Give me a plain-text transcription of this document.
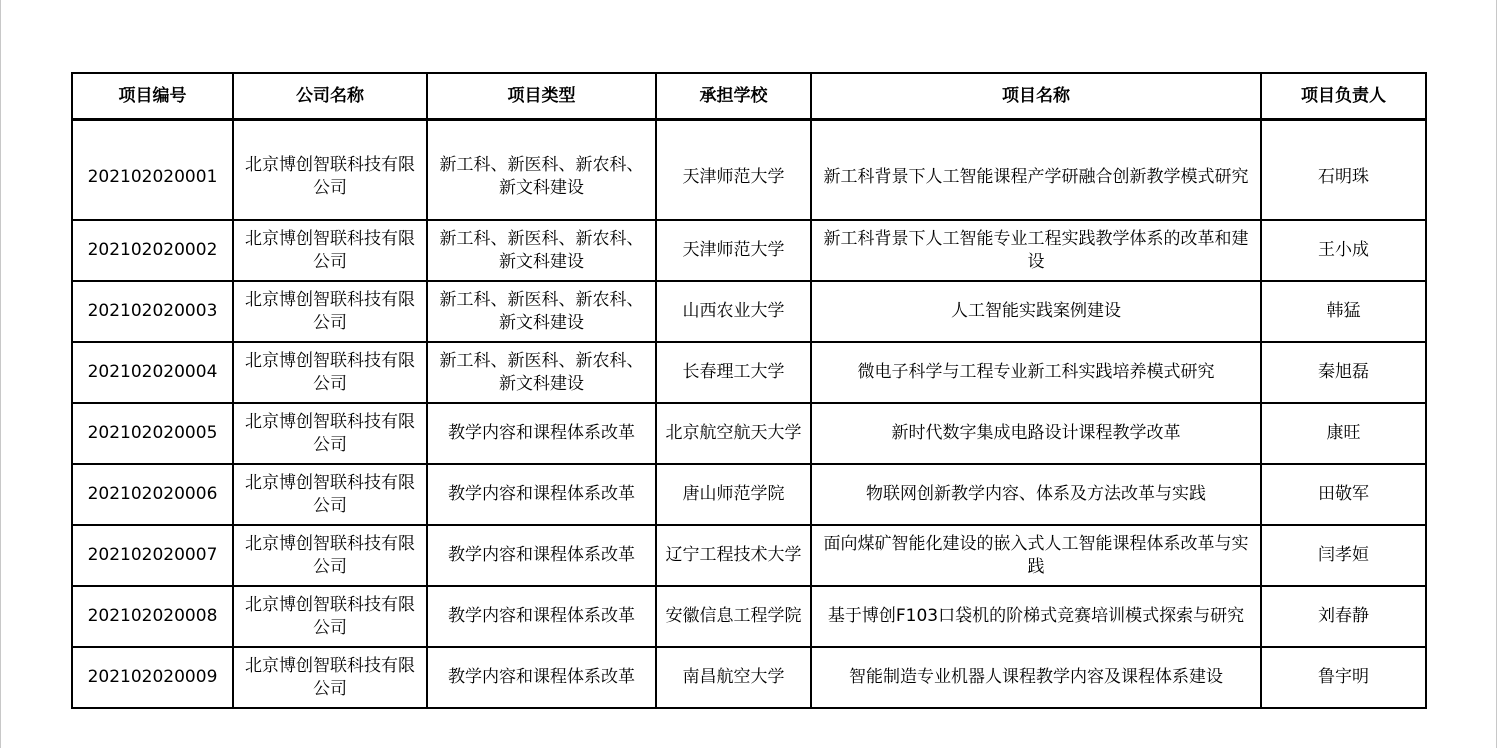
项目编号	公司名称	项目类型	承担学校	项目名称	项目负责人
202102020001	北京博创智联科技有限公司	新工科、新医科、新农科、新文科建设	天津师范大学	新工科背景下人工智能课程产学研融合创新教学模式研究	石明珠
202102020002	北京博创智联科技有限公司	新工科、新医科、新农科、新文科建设	天津师范大学	新工科背景下人工智能专业工程实践教学体系的改革和建设	王小成
202102020003	北京博创智联科技有限公司	新工科、新医科、新农科、新文科建设	山西农业大学	人工智能实践案例建设	韩猛
202102020004	北京博创智联科技有限公司	新工科、新医科、新农科、新文科建设	长春理工大学	微电子科学与工程专业新工科实践培养模式研究	秦旭磊
202102020005	北京博创智联科技有限公司	教学内容和课程体系改革	北京航空航天大学	新时代数字集成电路设计课程教学改革	康旺
202102020006	北京博创智联科技有限公司	教学内容和课程体系改革	唐山师范学院	物联网创新教学内容、体系及方法改革与实践	田敬军
202102020007	北京博创智联科技有限公司	教学内容和课程体系改革	辽宁工程技术大学	面向煤矿智能化建设的嵌入式人工智能课程体系改革与实践	闫孝姮
202102020008	北京博创智联科技有限公司	教学内容和课程体系改革	安徽信息工程学院	基于博创F103口袋机的阶梯式竞赛培训模式探索与研究	刘春静
202102020009	北京博创智联科技有限公司	教学内容和课程体系改革	南昌航空大学	智能制造专业机器人课程教学内容及课程体系建设	鲁宇明
